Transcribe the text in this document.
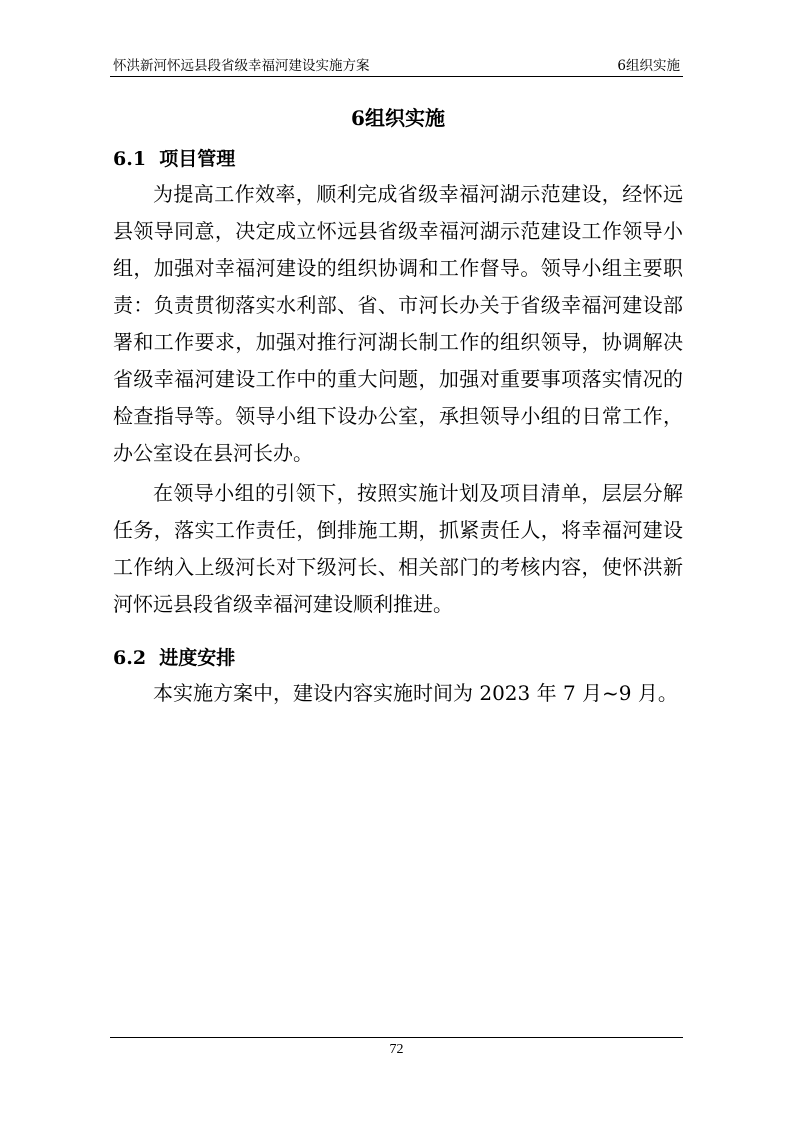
怀洪新河怀远县段省级幸福河建设实施方案	6组织实施
6组织实施
6.1  项目管理
为提高工作效率，顺利完成省级幸福河湖示范建设，经怀远
县领导同意，决定成立怀远县省级幸福河湖示范建设工作领导小
组，加强对幸福河建设的组织协调和工作督导。领导小组主要职
责：负责贯彻落实水利部、省、市河长办关于省级幸福河建设部
署和工作要求，加强对推行河湖长制工作的组织领导，协调解决
省级幸福河建设工作中的重大问题，加强对重要事项落实情况的
检查指导等。领导小组下设办公室，承担领导小组的日常工作，
办公室设在县河长办。
在领导小组的引领下，按照实施计划及项目清单，层层分解
任务，落实工作责任，倒排施工期，抓紧责任人，将幸福河建设
工作纳入上级河长对下级河长、相关部门的考核内容，使怀洪新
河怀远县段省级幸福河建设顺利推进。
6.2  进度安排
本实施方案中，建设内容实施时间为 2023 年 7 月~9 月。
72
